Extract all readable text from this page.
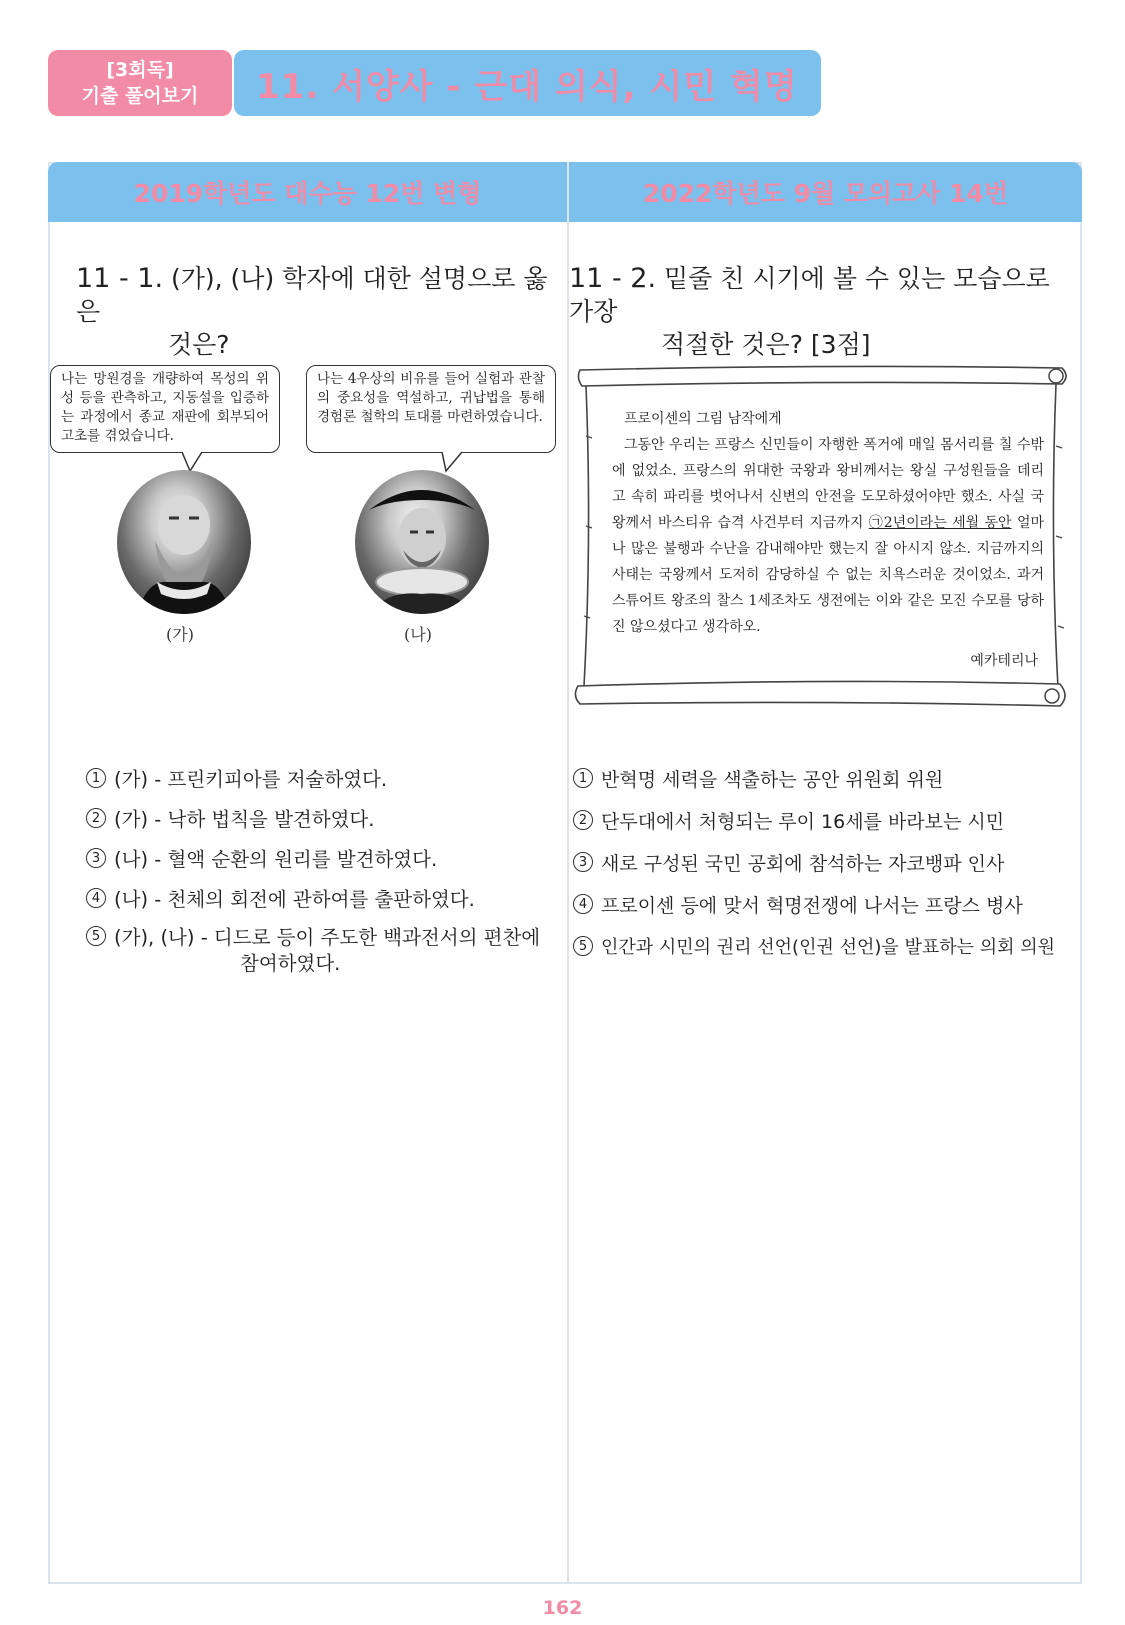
[3회독]
기출 풀어보기 11. 서양사 - 근대 의식, 시민 혁명
2019학년도 대수능 12번 변형	2022학년도 9월 모의고사 14번
11 - 1. (가), (나) 학자에 대한 설명으로 옳은
것은?
나는 망원경을 개량하여 목성의 위성 등을 관측하고, 지동설을 입증하는 과정에서 종교 재판에 회부되어 고초를 겪었습니다.
나는 4우상의 비유를 들어 실험과 관찰의 중요성을 역설하고, 귀납법을 통해 경험론 철학의 토대를 마련하였습니다.
(가)	(나)
1 (가) - 프린키피아를 저술하였다.
2 (가) - 낙하 법칙을 발견하였다.
3 (나) - 혈액 순환의 원리를 발견하였다.
4 (나) - 천체의 회전에 관하여를 출판하였다.
5 (가), (나) - 디드로 등이 주도한 백과전서의 편찬에
참여하였다.
11 - 2. 밑줄 친 시기에 볼 수 있는 모습으로 가장
적절한 것은? [3점]
프로이센의 그림 남작에게
그동안 우리는 프랑스 신민들이 자행한 폭거에 매일 몸서리를 칠 수밖에 없었소. 프랑스의 위대한 국왕과 왕비께서는 왕실 구성원들을 데리고 속히 파리를 벗어나서 신변의 안전을 도모하셨어야만 했소. 사실 국왕께서 바스티유 습격 사건부터 지금까지 ㉠2년이라는 세월 동안 얼마나 많은 불행과 수난을 감내해야만 했는지 잘 아시지 않소. 지금까지의 사태는 국왕께서 도저히 감당하실 수 없는 치욕스러운 것이었소. 과거 스튜어트 왕조의 찰스 1세조차도 생전에는 이와 같은 모진 수모를 당하진 않으셨다고 생각하오.
예카테리나
1 반혁명 세력을 색출하는 공안 위원회 위원
2 단두대에서 처형되는 루이 16세를 바라보는 시민
3 새로 구성된 국민 공회에 참석하는 자코뱅파 인사
4 프로이센 등에 맞서 혁명전쟁에 나서는 프랑스 병사
5 인간과 시민의 권리 선언(인권 선언)을 발표하는 의회 의원
162
